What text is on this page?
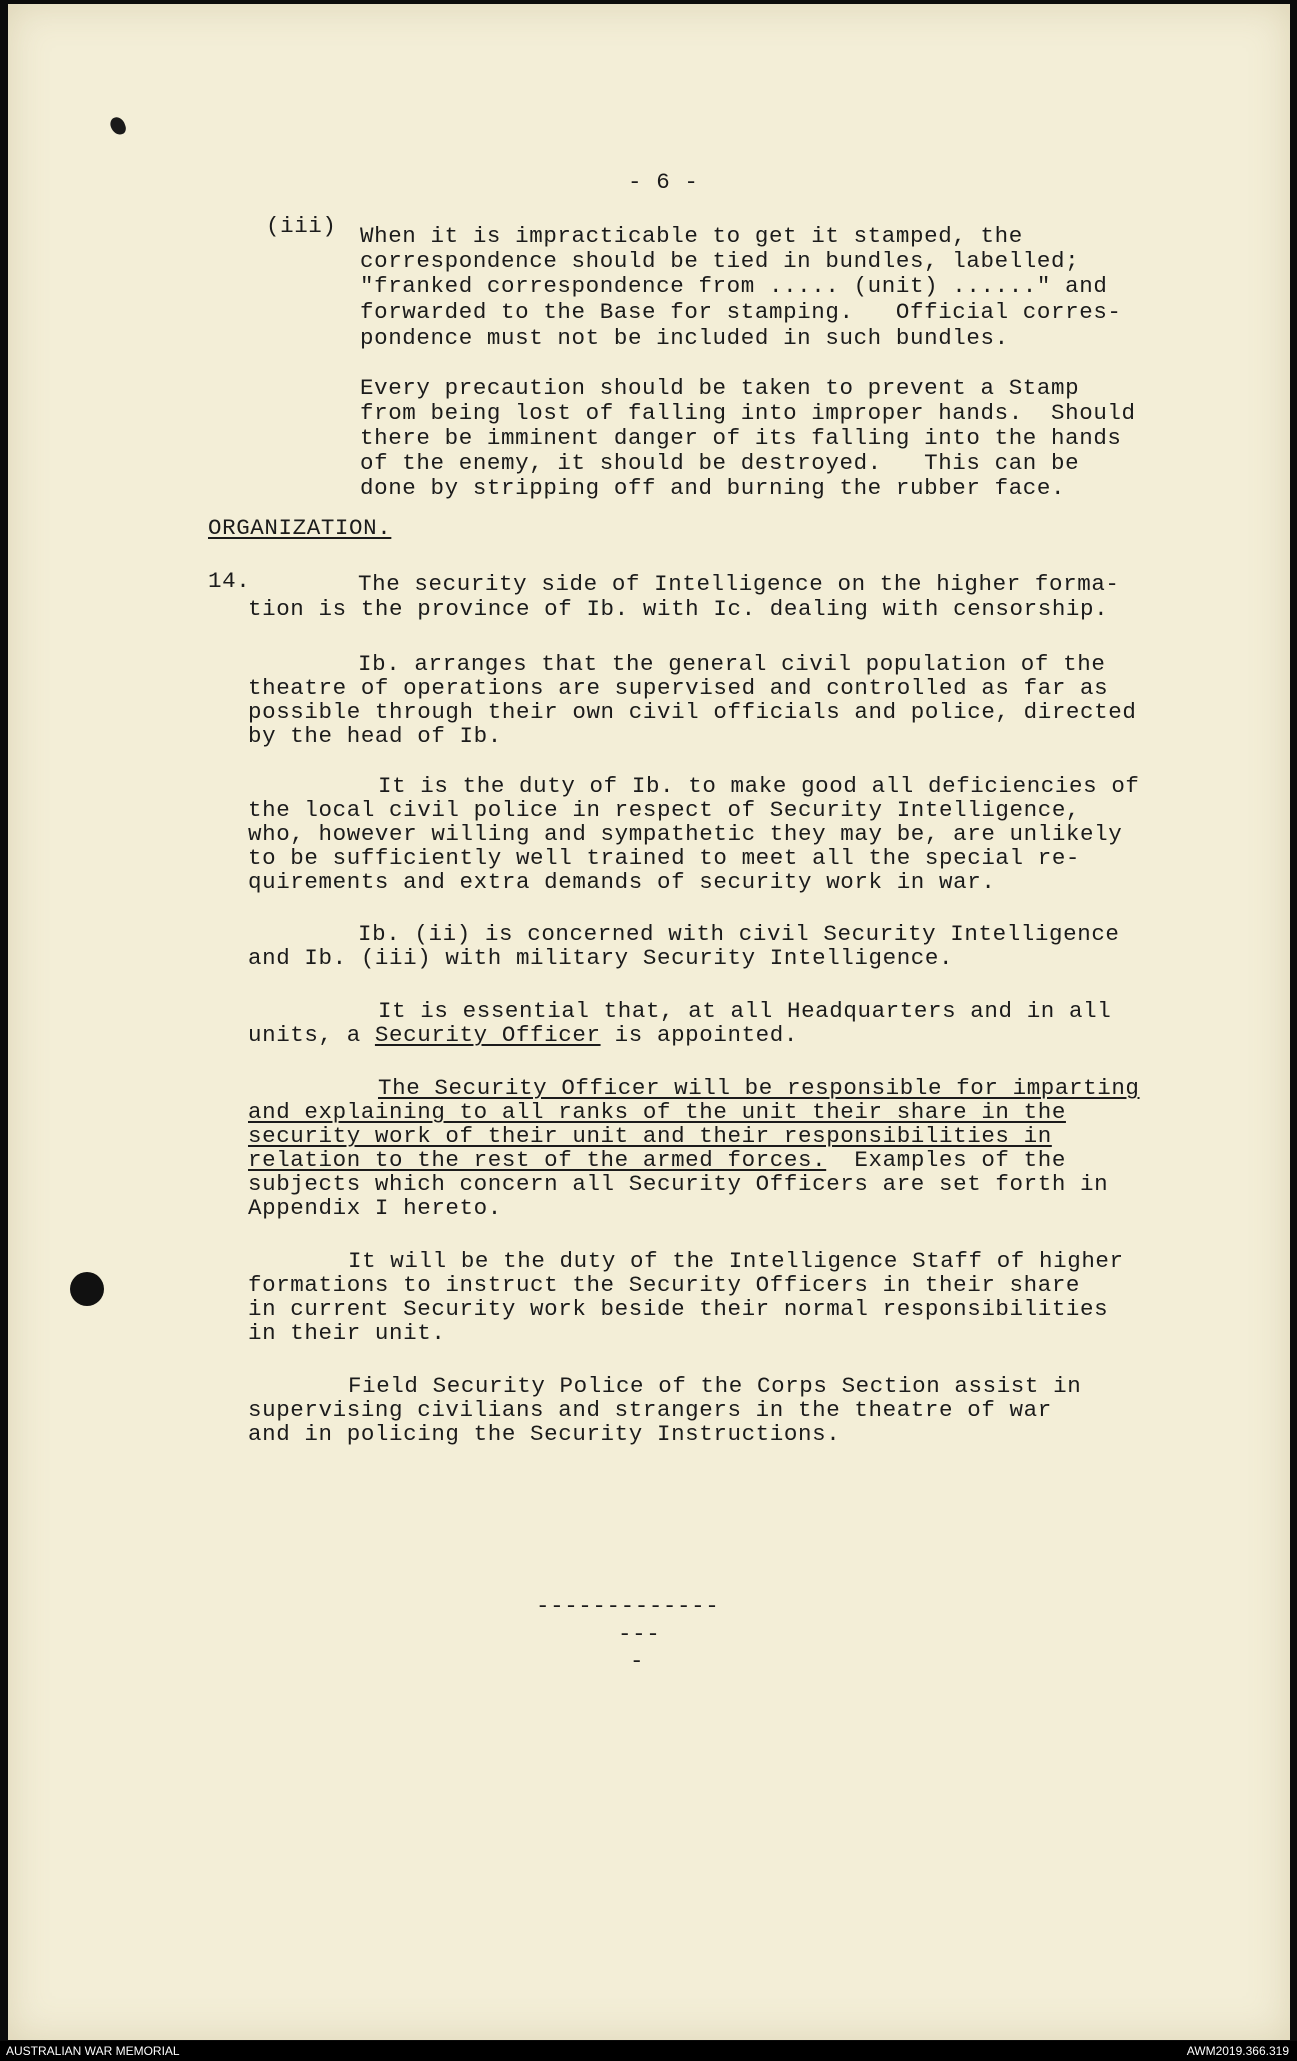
- 6 -
(iii) When it is impracticable to get it stamped, the
correspondence should be tied in bundles, labelled;
"franked correspondence from ..... (unit) ......" and
forwarded to the Base for stamping.   Official corres-
pondence must not be included in such bundles.
Every precaution should be taken to prevent a Stamp
from being lost of falling into improper hands.  Should
there be imminent danger of its falling into the hands
of the enemy, it should be destroyed.   This can be
done by stripping off and burning the rubber face.
ORGANIZATION.
14.	The security side of Intelligence on the higher forma-
tion is the province of Ib. with Ic. dealing with censorship.
Ib. arranges that the general civil population of the
theatre of operations are supervised and controlled as far as
possible through their own civil officials and police, directed
by the head of Ib.
It is the duty of Ib. to make good all deficiencies of
the local civil police in respect of Security Intelligence,
who, however willing and sympathetic they may be, are unlikely
to be sufficiently well trained to meet all the special re-
quirements and extra demands of security work in war.
Ib. (ii) is concerned with civil Security Intelligence
and Ib. (iii) with military Security Intelligence.
It is essential that, at all Headquarters and in all
units, a Security Officer is appointed.
The Security Officer will be responsible for imparting
and explaining to all ranks of the unit their share in the
security work of their unit and their responsibilities in
relation to the rest of the armed forces.  Examples of the
subjects which concern all Security Officers are set forth in
Appendix I hereto.
It will be the duty of the Intelligence Staff of higher
formations to instruct the Security Officers in their share
in current Security work beside their normal responsibilities
in their unit.
Field Security Police of the Corps Section assist in
supervising civilians and strangers in the theatre of war
and in policing the Security Instructions.
-------------
---
-
AUSTRALIAN WAR MEMORIAL	AWM2019.366.319
